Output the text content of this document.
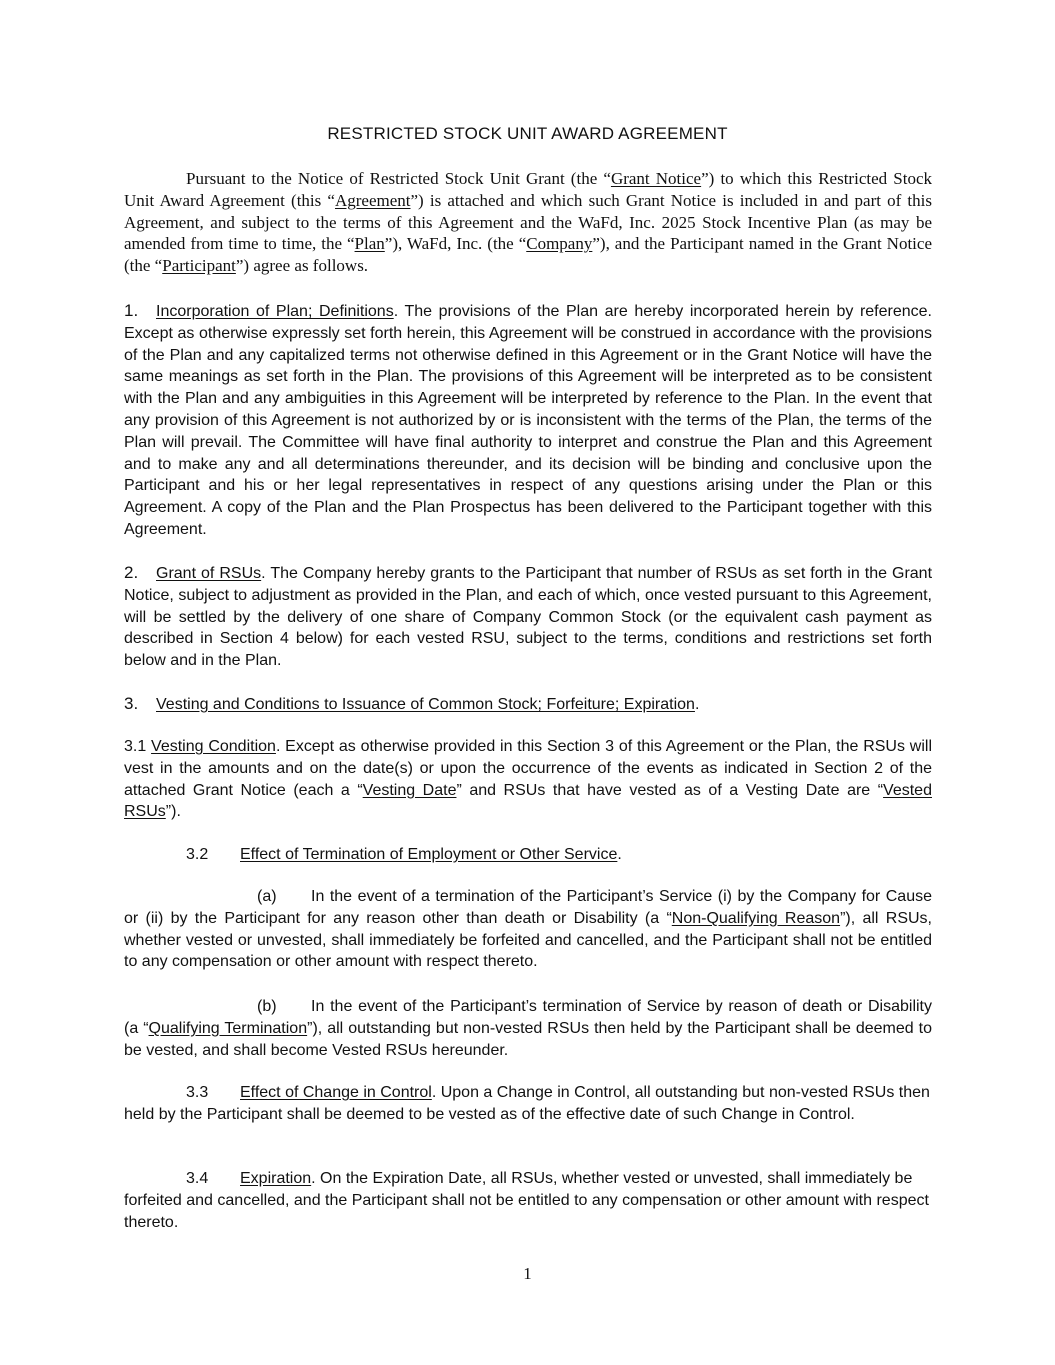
RESTRICTED STOCK UNIT AWARD AGREEMENT

Pursuant to the Notice of Restricted Stock Unit Grant (the “Grant Notice”) to which this Restricted Stock Unit Award Agreement (this “Agreement”) is attached and which such Grant Notice is included in and part of this Agreement, and subject to the terms of this Agreement and the WaFd, Inc. 2025 Stock Incentive Plan (as may be amended from time to time, the “Plan”), WaFd, Inc. (the “Company”), and the Participant named in the Grant Notice (the “Participant”) agree as follows.

1. Incorporation of Plan; Definitions. The provisions of the Plan are hereby incorporated herein by reference. Except as otherwise expressly set forth herein, this Agreement will be construed in accordance with the provisions of the Plan and any capitalized terms not otherwise defined in this Agreement or in the Grant Notice will have the same meanings as set forth in the Plan. The provisions of this Agreement will be interpreted as to be consistent with the Plan and any ambiguities in this Agreement will be interpreted by reference to the Plan. In the event that any provision of this Agreement is not authorized by or is inconsistent with the terms of the Plan, the terms of the Plan will prevail. The Committee will have final authority to interpret and construe the Plan and this Agreement and to make any and all determinations thereunder, and its decision will be binding and conclusive upon the Participant and his or her legal representatives in respect of any questions arising under the Plan or this Agreement. A copy of the Plan and the Plan Prospectus has been delivered to the Participant together with this Agreement.

2. Grant of RSUs. The Company hereby grants to the Participant that number of RSUs as set forth in the Grant Notice, subject to adjustment as provided in the Plan, and each of which, once vested pursuant to this Agreement, will be settled by the delivery of one share of Company Common Stock (or the equivalent cash payment as described in Section 4 below) for each vested RSU, subject to the terms, conditions and restrictions set forth below and in the Plan.

3. Vesting and Conditions to Issuance of Common Stock; Forfeiture; Expiration.

3.1 Vesting Condition. Except as otherwise provided in this Section 3 of this Agreement or the Plan, the RSUs will vest in the amounts and on the date(s) or upon the occurrence of the events as indicated in Section 2 of the attached Grant Notice (each a “Vesting Date” and RSUs that have vested as of a Vesting Date are “Vested RSUs”).

3.2 Effect of Termination of Employment or Other Service.

(a) In the event of a termination of the Participant’s Service (i) by the Company for Cause or (ii) by the Participant for any reason other than death or Disability (a “Non-Qualifying Reason”), all RSUs, whether vested or unvested, shall immediately be forfeited and cancelled, and the Participant shall not be entitled to any compensation or other amount with respect thereto.

(b) In the event of the Participant’s termination of Service by reason of death or Disability (a “Qualifying Termination”), all outstanding but non-vested RSUs then held by the Participant shall be deemed to be vested, and shall become Vested RSUs hereunder.

3.3 Effect of Change in Control. Upon a Change in Control, all outstanding but non-vested RSUs then held by the Participant shall be deemed to be vested as of the effective date of such Change in Control.

3.4 Expiration. On the Expiration Date, all RSUs, whether vested or unvested, shall immediately be forfeited and cancelled, and the Participant shall not be entitled to any compensation or other amount with respect thereto.

1
